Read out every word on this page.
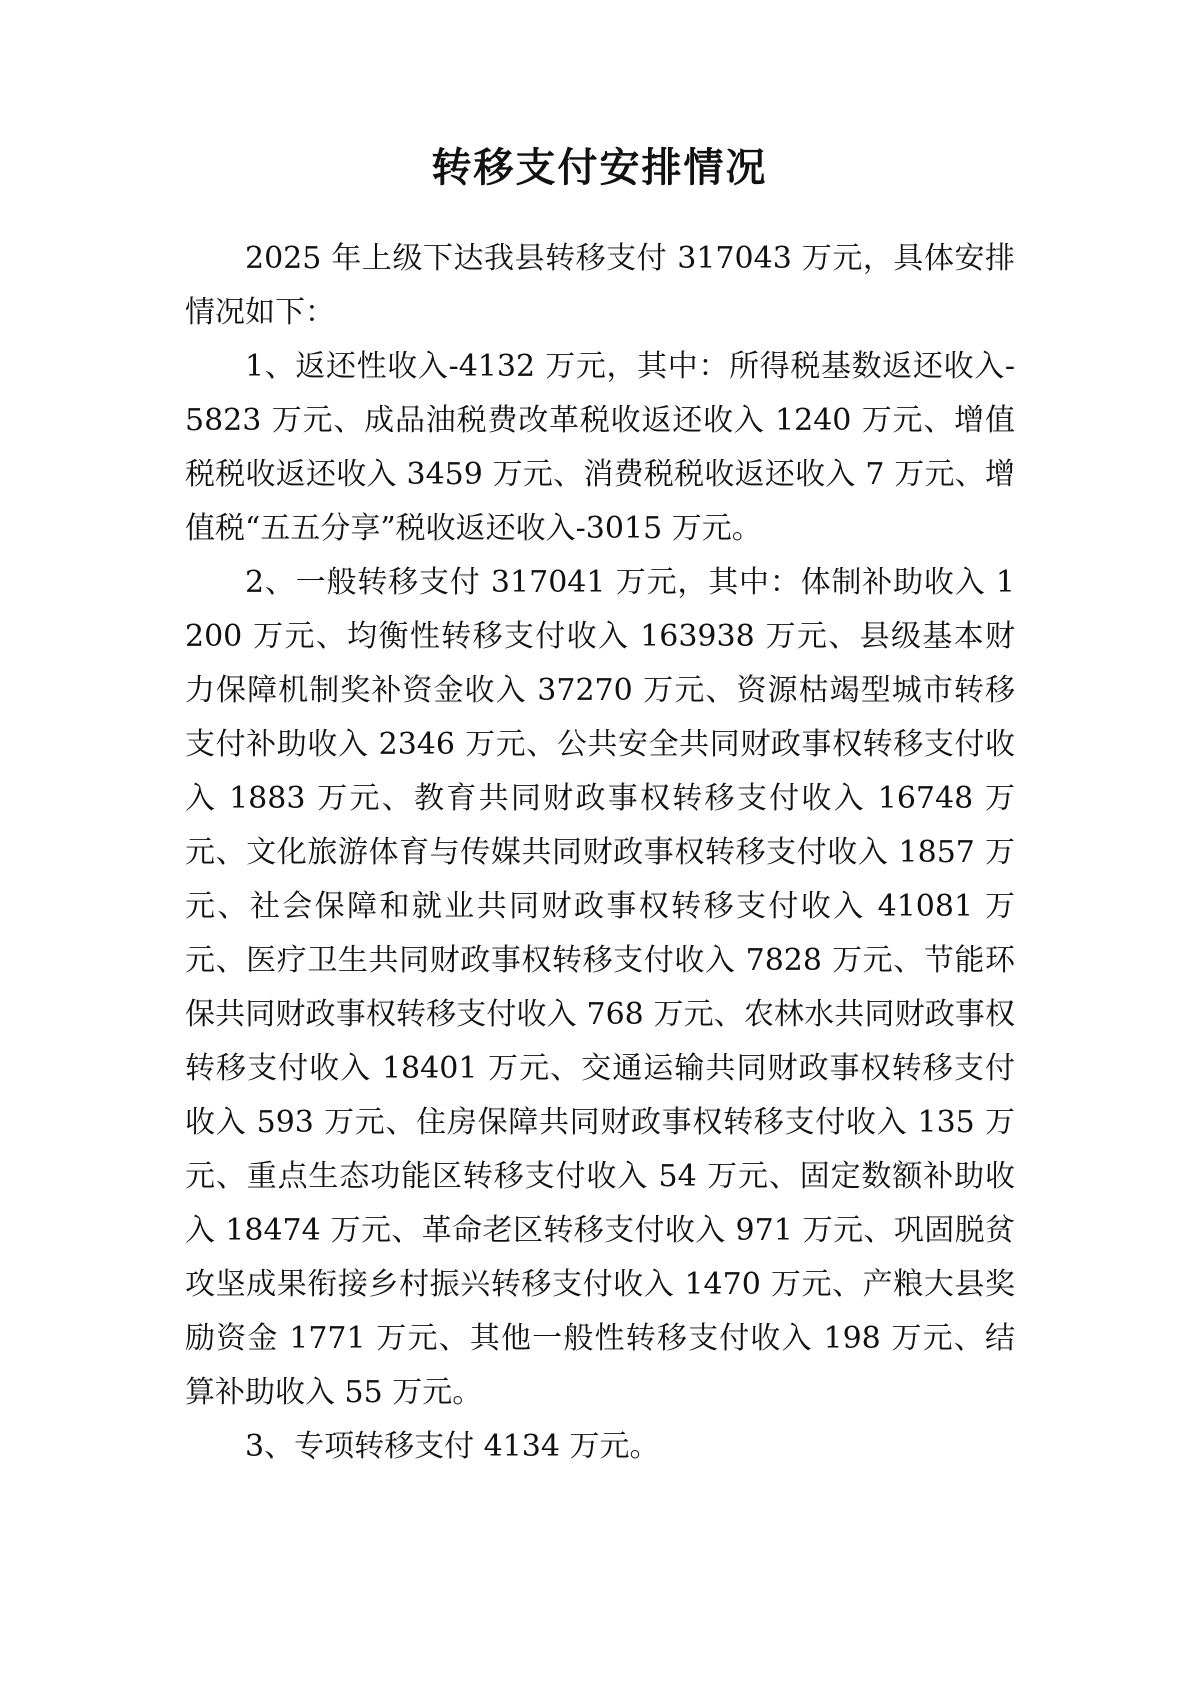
转移支付安排情况

2025 年上级下达我县转移支付 317043 万元，具体安排情况如下：

1、返还性收入-4132 万元，其中：所得税基数返还收入-5823 万元、成品油税费改革税收返还收入 1240 万元、增值税税收返还收入 3459 万元、消费税税收返还收入 7 万元、增值税“五五分享”税收返还收入-3015 万元。

2、一般转移支付 317041 万元，其中：体制补助收入 1200 万元、均衡性转移支付收入 163938 万元、县级基本财力保障机制奖补资金收入 37270 万元、资源枯竭型城市转移支付补助收入 2346 万元、公共安全共同财政事权转移支付收入 1883 万元、教育共同财政事权转移支付收入 16748 万元、文化旅游体育与传媒共同财政事权转移支付收入 1857 万元、社会保障和就业共同财政事权转移支付收入 41081 万元、医疗卫生共同财政事权转移支付收入 7828 万元、节能环保共同财政事权转移支付收入 768 万元、农林水共同财政事权转移支付收入 18401 万元、交通运输共同财政事权转移支付收入 593 万元、住房保障共同财政事权转移支付收入 135 万元、重点生态功能区转移支付收入 54 万元、固定数额补助收入 18474 万元、革命老区转移支付收入 971 万元、巩固脱贫攻坚成果衔接乡村振兴转移支付收入 1470 万元、产粮大县奖励资金 1771 万元、其他一般性转移支付收入 198 万元、结算补助收入 55 万元。

3、专项转移支付 4134 万元。
